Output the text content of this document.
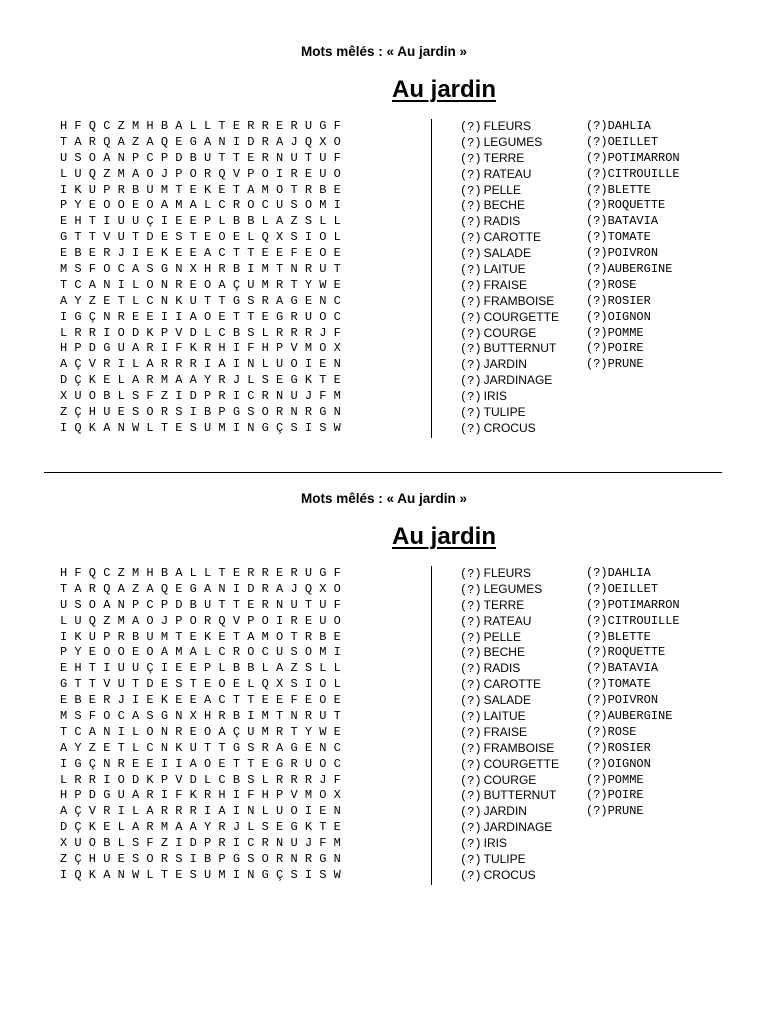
Mots mêlés : « Au jardin »
Au jardin
H F Q C Z M H B A L L T E R R E R U G F
T A R Q A Z A Q E G A N I D R A J Q X O
U S O A N P C P D B U T T E R N U T U F
L U Q Z M A O J P O R Q V P O I R E U O
I K U P R B U M T E K E T A M O T R B E
P Y E O O E O A M A L C R O C U S O M I
E H T I U U Ç I E E P L B B L A Z S L L
G T T V U T D E S T E O E L Q X S I O L
E B E R J I E K E E A C T T E E F E O E
M S F O C A S G N X H R B I M T N R U T
T C A N I L O N R E O A Ç U M R T Y W E
A Y Z E T L C N K U T T G S R A G E N C
I G Ç N R E E I I A O E T T E G R U O C
L R R I O D K P V D L C B S L R R R J F
H P D G U A R I F K R H I F H P V M O X
A Ç V R I L A R R R I A I N L U O I E N
D Ç K E L A R M A A Y R J L S E G K T E
X U O B L S F Z I D P R I C R N U J F M
Z Ç H U E S O R S I B P G S O R N R G N
I Q K A N W L T E S U M I N G Ç S I S W
(?) FLEURS
(?) LEGUMES
(?) TERRE
(?) RATEAU
(?) PELLE
(?) BECHE
(?) RADIS
(?) CAROTTE
(?) SALADE
(?) LAITUE
(?) FRAISE
(?) FRAMBOISE
(?) COURGETTE
(?) COURGE
(?) BUTTERNUT
(?) JARDIN
(?) JARDINAGE
(?) IRIS
(?) TULIPE
(?) CROCUS
(?)DAHLIA
(?)OEILLET
(?)POTIMARRON
(?)CITROUILLE
(?)BLETTE
(?)ROQUETTE
(?)BATAVIA
(?)TOMATE
(?)POIVRON
(?)AUBERGINE
(?)ROSE
(?)ROSIER
(?)OIGNON
(?)POMME
(?)POIRE
(?)PRUNE
Mots mêlés : « Au jardin »
Au jardin
H F Q C Z M H B A L L T E R R E R U G F
T A R Q A Z A Q E G A N I D R A J Q X O
U S O A N P C P D B U T T E R N U T U F
L U Q Z M A O J P O R Q V P O I R E U O
I K U P R B U M T E K E T A M O T R B E
P Y E O O E O A M A L C R O C U S O M I
E H T I U U Ç I E E P L B B L A Z S L L
G T T V U T D E S T E O E L Q X S I O L
E B E R J I E K E E A C T T E E F E O E
M S F O C A S G N X H R B I M T N R U T
T C A N I L O N R E O A Ç U M R T Y W E
A Y Z E T L C N K U T T G S R A G E N C
I G Ç N R E E I I A O E T T E G R U O C
L R R I O D K P V D L C B S L R R R J F
H P D G U A R I F K R H I F H P V M O X
A Ç V R I L A R R R I A I N L U O I E N
D Ç K E L A R M A A Y R J L S E G K T E
X U O B L S F Z I D P R I C R N U J F M
Z Ç H U E S O R S I B P G S O R N R G N
I Q K A N W L T E S U M I N G Ç S I S W
(?) FLEURS
(?) LEGUMES
(?) TERRE
(?) RATEAU
(?) PELLE
(?) BECHE
(?) RADIS
(?) CAROTTE
(?) SALADE
(?) LAITUE
(?) FRAISE
(?) FRAMBOISE
(?) COURGETTE
(?) COURGE
(?) BUTTERNUT
(?) JARDIN
(?) JARDINAGE
(?) IRIS
(?) TULIPE
(?) CROCUS
(?)DAHLIA
(?)OEILLET
(?)POTIMARRON
(?)CITROUILLE
(?)BLETTE
(?)ROQUETTE
(?)BATAVIA
(?)TOMATE
(?)POIVRON
(?)AUBERGINE
(?)ROSE
(?)ROSIER
(?)OIGNON
(?)POMME
(?)POIRE
(?)PRUNE
